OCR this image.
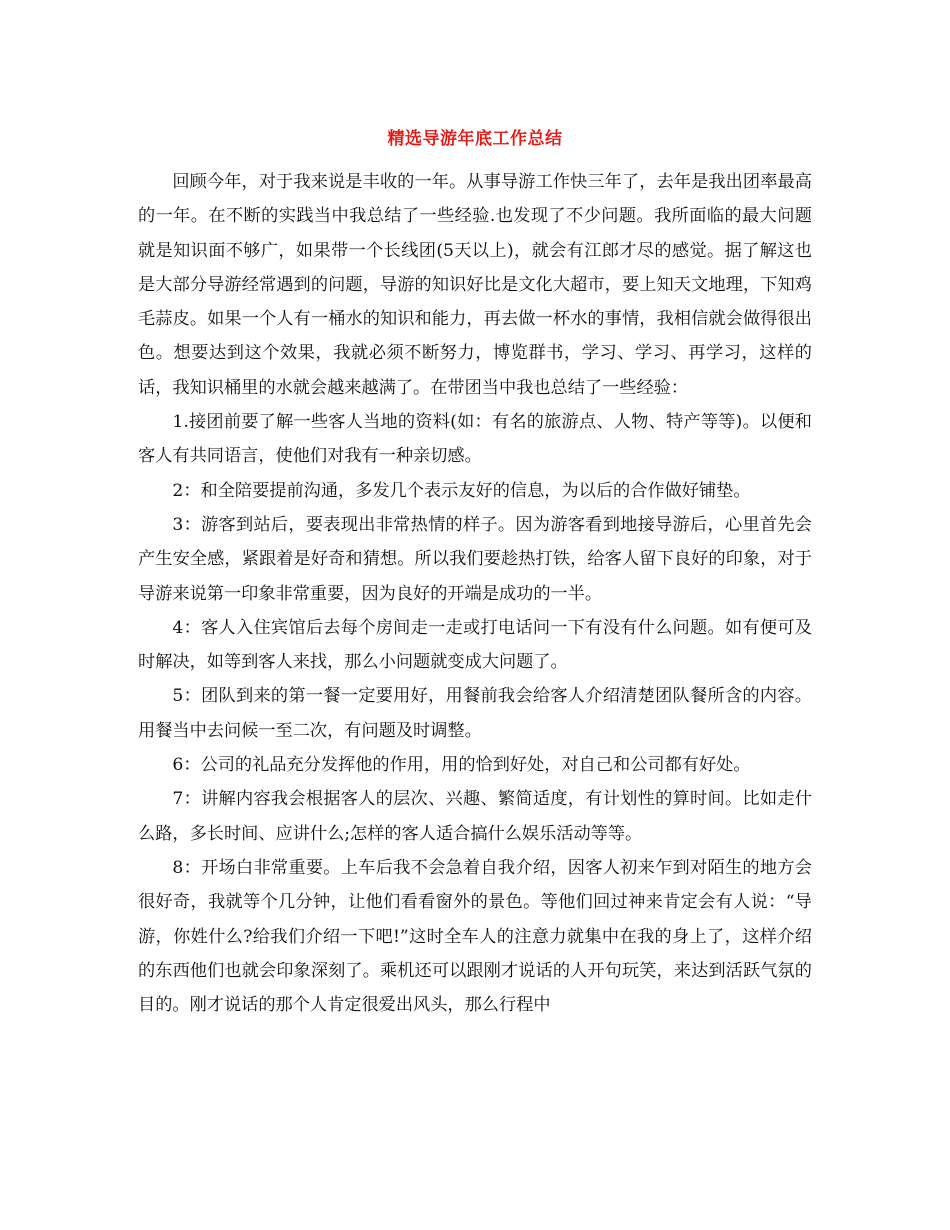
精选导游年底工作总结

回顾今年，对于我来说是丰收的一年。从事导游工作快三年了，去年是我出团率最高的一年。在不断的实践当中我总结了一些经验.也发现了不少问题。我所面临的最大问题就是知识面不够广，如果带一个长线团(5天以上)，就会有江郎才尽的感觉。据了解这也是大部分导游经常遇到的问题，导游的知识好比是文化大超市，要上知天文地理，下知鸡毛蒜皮。如果一个人有一桶水的知识和能力，再去做一杯水的事情，我相信就会做得很出色。想要达到这个效果，我就必须不断努力，博览群书，学习、学习、再学习，这样的话，我知识桶里的水就会越来越满了。在带团当中我也总结了一些经验：

1.接团前要了解一些客人当地的资料(如：有名的旅游点、人物、特产等等)。以便和客人有共同语言，使他们对我有一种亲切感。

2：和全陪要提前沟通，多发几个表示友好的信息，为以后的合作做好铺垫。

3：游客到站后，要表现出非常热情的样子。因为游客看到地接导游后，心里首先会产生安全感，紧跟着是好奇和猜想。所以我们要趁热打铁，给客人留下良好的印象，对于导游来说第一印象非常重要，因为良好的开端是成功的一半。

4：客人入住宾馆后去每个房间走一走或打电话问一下有没有什么问题。如有便可及时解决，如等到客人来找，那么小问题就变成大问题了。

5：团队到来的第一餐一定要用好，用餐前我会给客人介绍清楚团队餐所含的内容。用餐当中去问候一至二次，有问题及时调整。

6：公司的礼品充分发挥他的作用，用的恰到好处，对自己和公司都有好处。

7：讲解内容我会根据客人的层次、兴趣、繁简适度，有计划性的算时间。比如走什么路，多长时间、应讲什么;怎样的客人适合搞什么娱乐活动等等。

8：开场白非常重要。上车后我不会急着自我介绍，因客人初来乍到对陌生的地方会很好奇，我就等个几分钟，让他们看看窗外的景色。等他们回过神来肯定会有人说：“导游，你姓什么?给我们介绍一下吧!”这时全车人的注意力就集中在我的身上了，这样介绍的东西他们也就会印象深刻了。乘机还可以跟刚才说话的人开句玩笑，来达到活跃气氛的目的。刚才说话的那个人肯定很爱出风头，那么行程中
